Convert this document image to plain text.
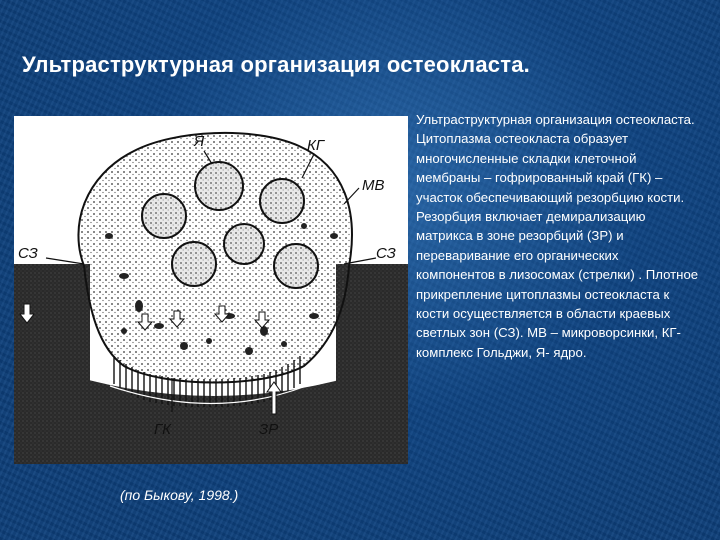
Ультраструктурная организация остеокласта.
Я	КГ
МВ
СЗ	СЗ
ГК	ЗР
(по Быкову, 1998.)
Ультраструктурная организация остеокласта. Цитоплазма остеокласта образует многочисленные складки клеточной мембраны – гофрированный край (ГК) – участок обеспечивающий резорбцию кости. Резорбция включает демирализацию матрикса в зоне резорбций (ЗР) и переваривание его органических компонентов в лизосомах (стрелки) . Плотное прикрепление цитоплазмы остеокласта к кости осуществляется в области краевых светлых зон (СЗ). МВ – микроворсинки, КГ- комплекс Гольджи, Я- ядро.
